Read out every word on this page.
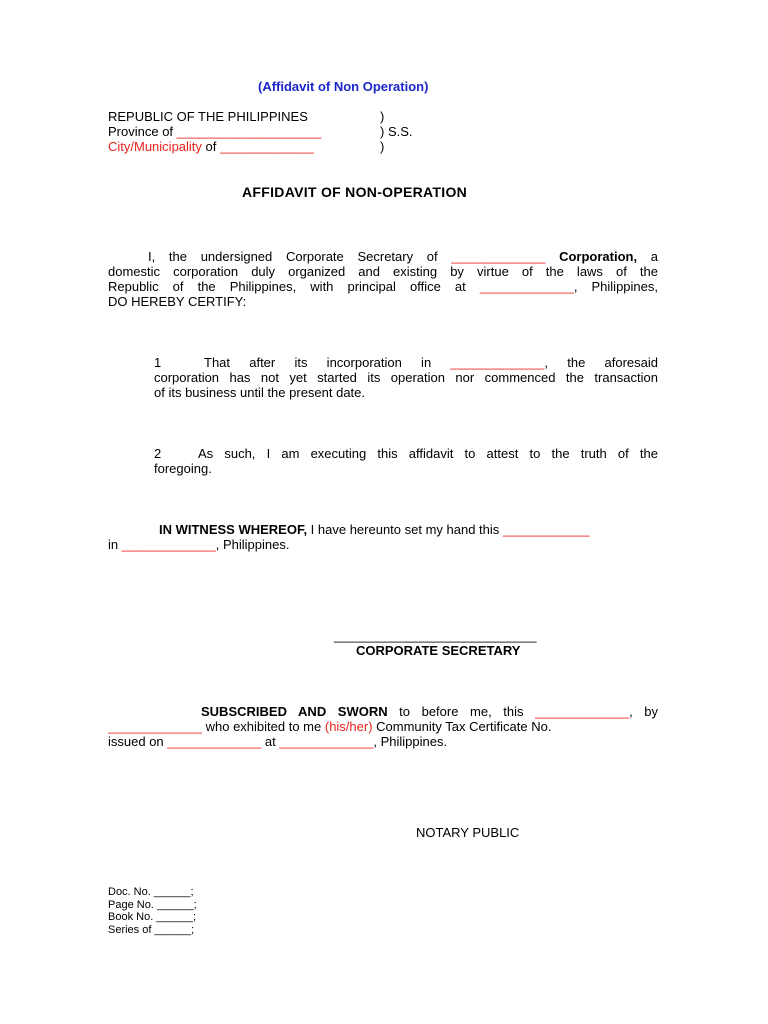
(Affidavit of Non Operation)
REPUBLIC OF THE PHILIPPINES	)
Province of ____________________	) S.S.
City/Municipality of _____________	)
AFFIDAVIT OF NON-OPERATION
I, the undersigned Corporate Secretary of _____________ Corporation, a
domestic corporation duly organized and existing by virtue of the laws of the
Republic of the Philippines, with principal office at _____________, Philippines,
DO HEREBY CERTIFY:
1	That after its incorporation in _____________, the aforesaid
corporation has not yet started its operation nor commenced the transaction
of its business until the present date.
2	As such, I am executing this affidavit to attest to the truth of the
foregoing.
IN WITNESS WHEREOF, I have hereunto set my hand this ____________
in _____________, Philippines.
____________________________
CORPORATE SECRETARY
SUBSCRIBED AND SWORN to before me, this _____________, by
_____________ who exhibited to me (his/her) Community Tax Certificate No.
issued on _____________ at _____________, Philippines.
NOTARY PUBLIC
Doc. No. ______;
Page No. ______;
Book No. ______;
Series of ______;
